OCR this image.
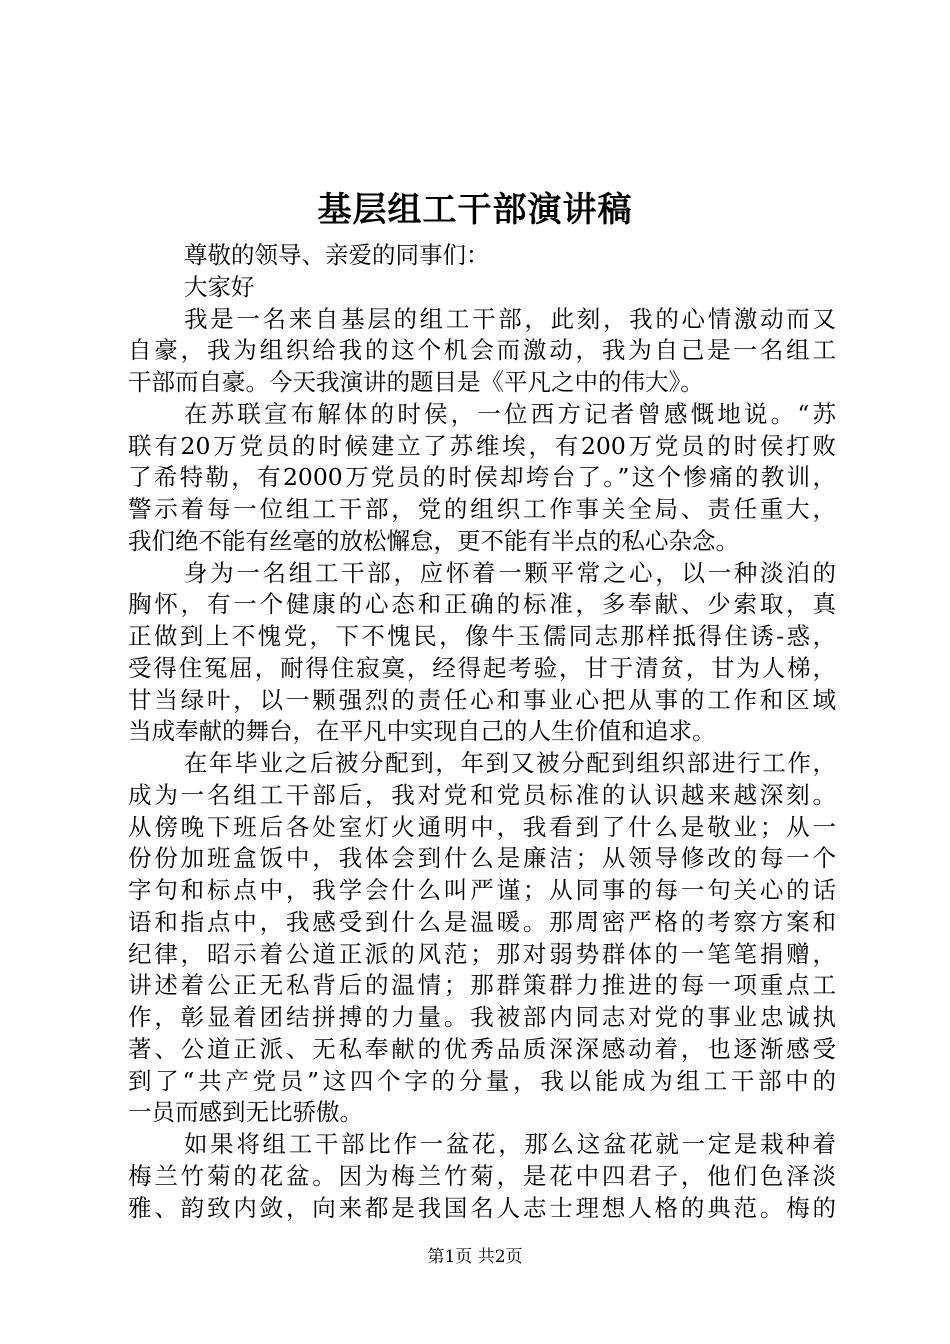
基层组工干部演讲稿
尊敬的领导、亲爱的同事们：
大家好
我是一名来自基层的组工干部，此刻，我的心情激动而又
自豪，我为组织给我的这个机会而激动，我为自己是一名组工
干部而自豪。今天我演讲的题目是《平凡之中的伟大》。
在苏联宣布解体的时侯，一位西方记者曾感慨地说。“苏
联有20万党员的时候建立了苏维埃，有200万党员的时侯打败
了希特勒，有2000万党员的时侯却垮台了。”这个惨痛的教训，
警示着每一位组工干部，党的组织工作事关全局、责任重大，
我们绝不能有丝毫的放松懈怠，更不能有半点的私心杂念。
身为一名组工干部，应怀着一颗平常之心，以一种淡泊的
胸怀，有一个健康的心态和正确的标准，多奉献、少索取，真
正做到上不愧党，下不愧民，像牛玉儒同志那样抵得住诱-惑，
受得住冤屈，耐得住寂寞，经得起考验，甘于清贫，甘为人梯，
甘当绿叶，以一颗强烈的责任心和事业心把从事的工作和区域
当成奉献的舞台，在平凡中实现自己的人生价值和追求。
在年毕业之后被分配到，年到又被分配到组织部进行工作，
成为一名组工干部后，我对党和党员标准的认识越来越深刻。
从傍晚下班后各处室灯火通明中，我看到了什么是敬业；从一
份份加班盒饭中，我体会到什么是廉洁；从领导修改的每一个
字句和标点中，我学会什么叫严谨；从同事的每一句关心的话
语和指点中，我感受到什么是温暖。那周密严格的考察方案和
纪律，昭示着公道正派的风范；那对弱势群体的一笔笔捐赠，
讲述着公正无私背后的温情；那群策群力推进的每一项重点工
作，彰显着团结拼搏的力量。我被部内同志对党的事业忠诚执
著、公道正派、无私奉献的优秀品质深深感动着，也逐渐感受
到了“共产党员”这四个字的分量，我以能成为组工干部中的
一员而感到无比骄傲。
如果将组工干部比作一盆花，那么这盆花就一定是栽种着
梅兰竹菊的花盆。因为梅兰竹菊，是花中四君子，他们色泽淡
雅、韵致内敛，向来都是我国名人志士理想人格的典范。梅的
第1页 共2页
